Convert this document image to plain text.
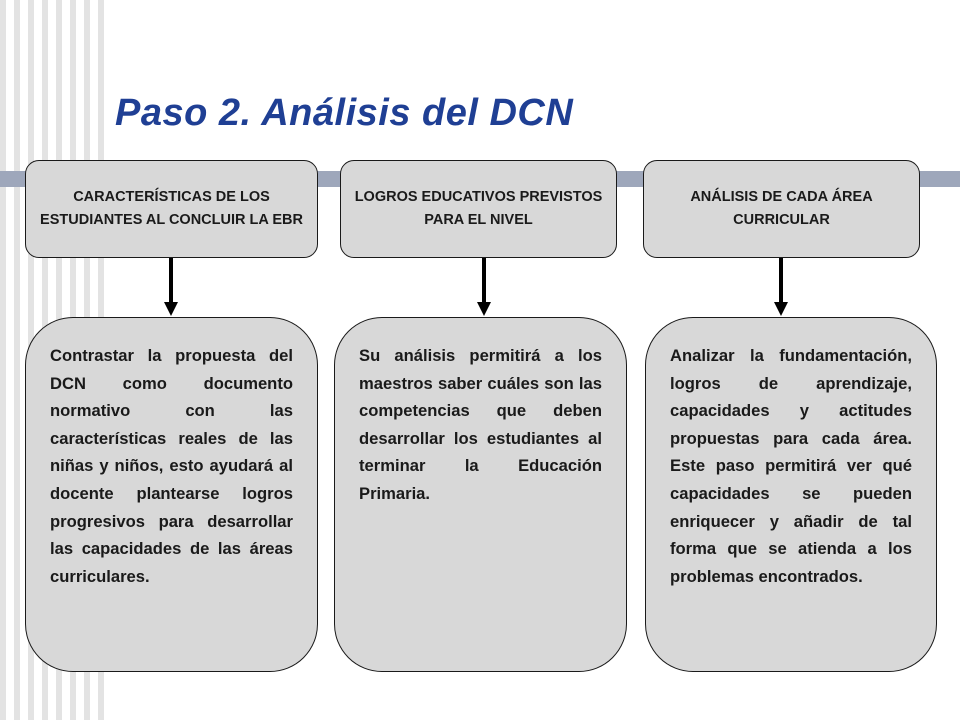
Paso 2. Análisis del DCN
CARACTERÍSTICAS DE LOS ESTUDIANTES AL CONCLUIR LA EBR
LOGROS EDUCATIVOS PREVISTOS PARA EL NIVEL
ANÁLISIS DE CADA ÁREA CURRICULAR
Contrastar la propuesta del DCN como documento normativo con las características reales de las niñas y niños, esto ayudará al docente plantearse logros progresivos para desarrollar las capacidades de las áreas curriculares.
Su análisis permitirá a los maestros saber cuáles son las competencias que deben desarrollar los estudiantes al terminar la Educación Primaria.
Analizar la fundamentación, logros de aprendizaje, capacidades y actitudes propuestas para cada área. Este paso permitirá ver qué capacidades se pueden enriquecer y añadir de tal forma que se atienda a los problemas encontrados.
